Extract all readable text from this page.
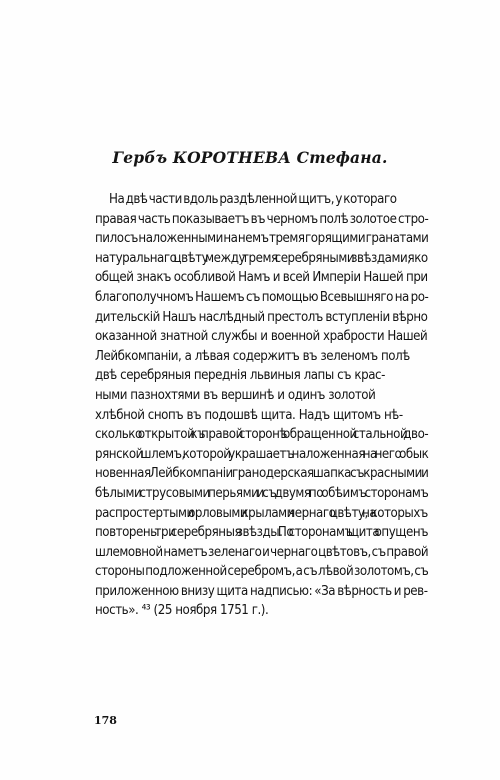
Гербъ КОРОТНЕВА Стефана.
На двѣ части вдоль раздѣленной щитъ, у котораго
правая часть показываетъ въ черномъ полѣ золотое стро-
пило съ наложенными на немъ тремя горящими гранатами
натуральнаго цвѣту между тремя серебряными звѣздами, яко
общей знакъ особливой Намъ и всей Имперіи Нашей при
благополучномъ Нашемъ съ помощью Всевышняго на ро-
дительскій Нашъ наслѣдный престолъ вступленіи вѣрно
оказанной знатной службы и военной храбрости Нашей
Лейбкомпаніи, а лѣвая содержитъ въ зеленомъ полѣ
двѣ серебряныя переднія львиныя лапы съ крас-
ными пазнохтями въ вершинѣ и одинъ золотой
хлѣбной снопъ въ подошвѣ щита. Надъ щитомъ нѣ-
сколько открытой къ правой сторонѣ обращенной стальной дво-
рянской шлемъ, которой украшаетъ наложенная на него обык
новенная Лейбкомпаніи гранодерская шапка съ красными и
бѣлыми струсовыми перьями и съ двумя по обѣимъ сторонамъ
распростертыми орловыми крылами чернаго цвѣту, на которыхъ
повторены три серебряныя звѣзды. По сторонамъ щита опущенъ
шлемовной наметъ зеленаго и чернаго цвѣтовъ, съ правой
стороны подложенной серебромъ, а съ лѣвой золотомъ, съ
приложенною внизу щита надписью: «За вѣрность и рев-
ность». ⁴³ (25 ноября 1751 г.).
178
